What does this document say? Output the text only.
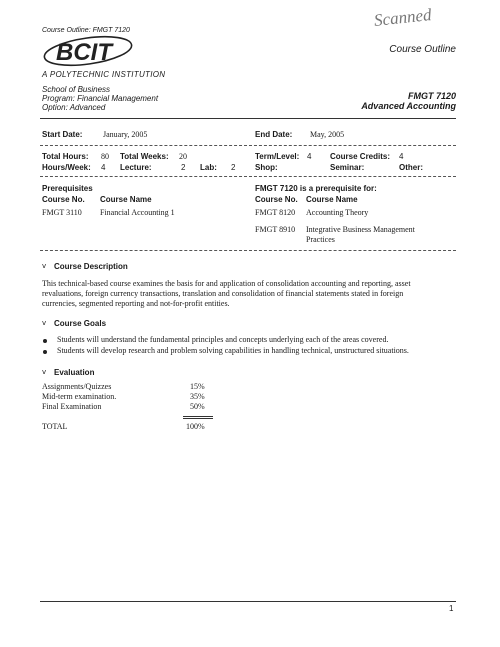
Course Outline: FMGT 7120
BCIT
A POLYTECHNIC INSTITUTION
School of Business
Program: Financial Management
Option: Advanced
Scanned
Course Outline
FMGT 7120
Advanced Accounting
Start Date:	January, 2005	End Date: May, 2005
Total Hours: 80 Total Weeks: 20	Term/Level: 4 Course Credits: 4
Hours/Week: 4 Lecture:	2 Lab: 2 Shop:	Seminar:	Other:
Prerequisites
Course No. Course Name
FMGT 3110 Financial Accounting 1
FMGT 7120 is a prerequisite for:
Course No. Course Name
FMGT 8120 Accounting Theory
FMGT 8910 Integrative Business Management
Practices
v Course Description
This technical-based course examines the basis for and application of consolidation accounting and reporting, asset
revaluations, foreign currency transactions, translation and consolidation of financial statements stated in foreign
currencies, segmented reporting and not-for-profit entities.
v Course Goals
Students will understand the fundamental principles and concepts underlying each of the areas covered.
Students will develop research and problem solving capabilities in handling technical, unstructured situations.
v Evaluation
Assignments/Quizzes	15%
Mid-term examination.	35%
Final Examination	50%
TOTAL	100%
1
